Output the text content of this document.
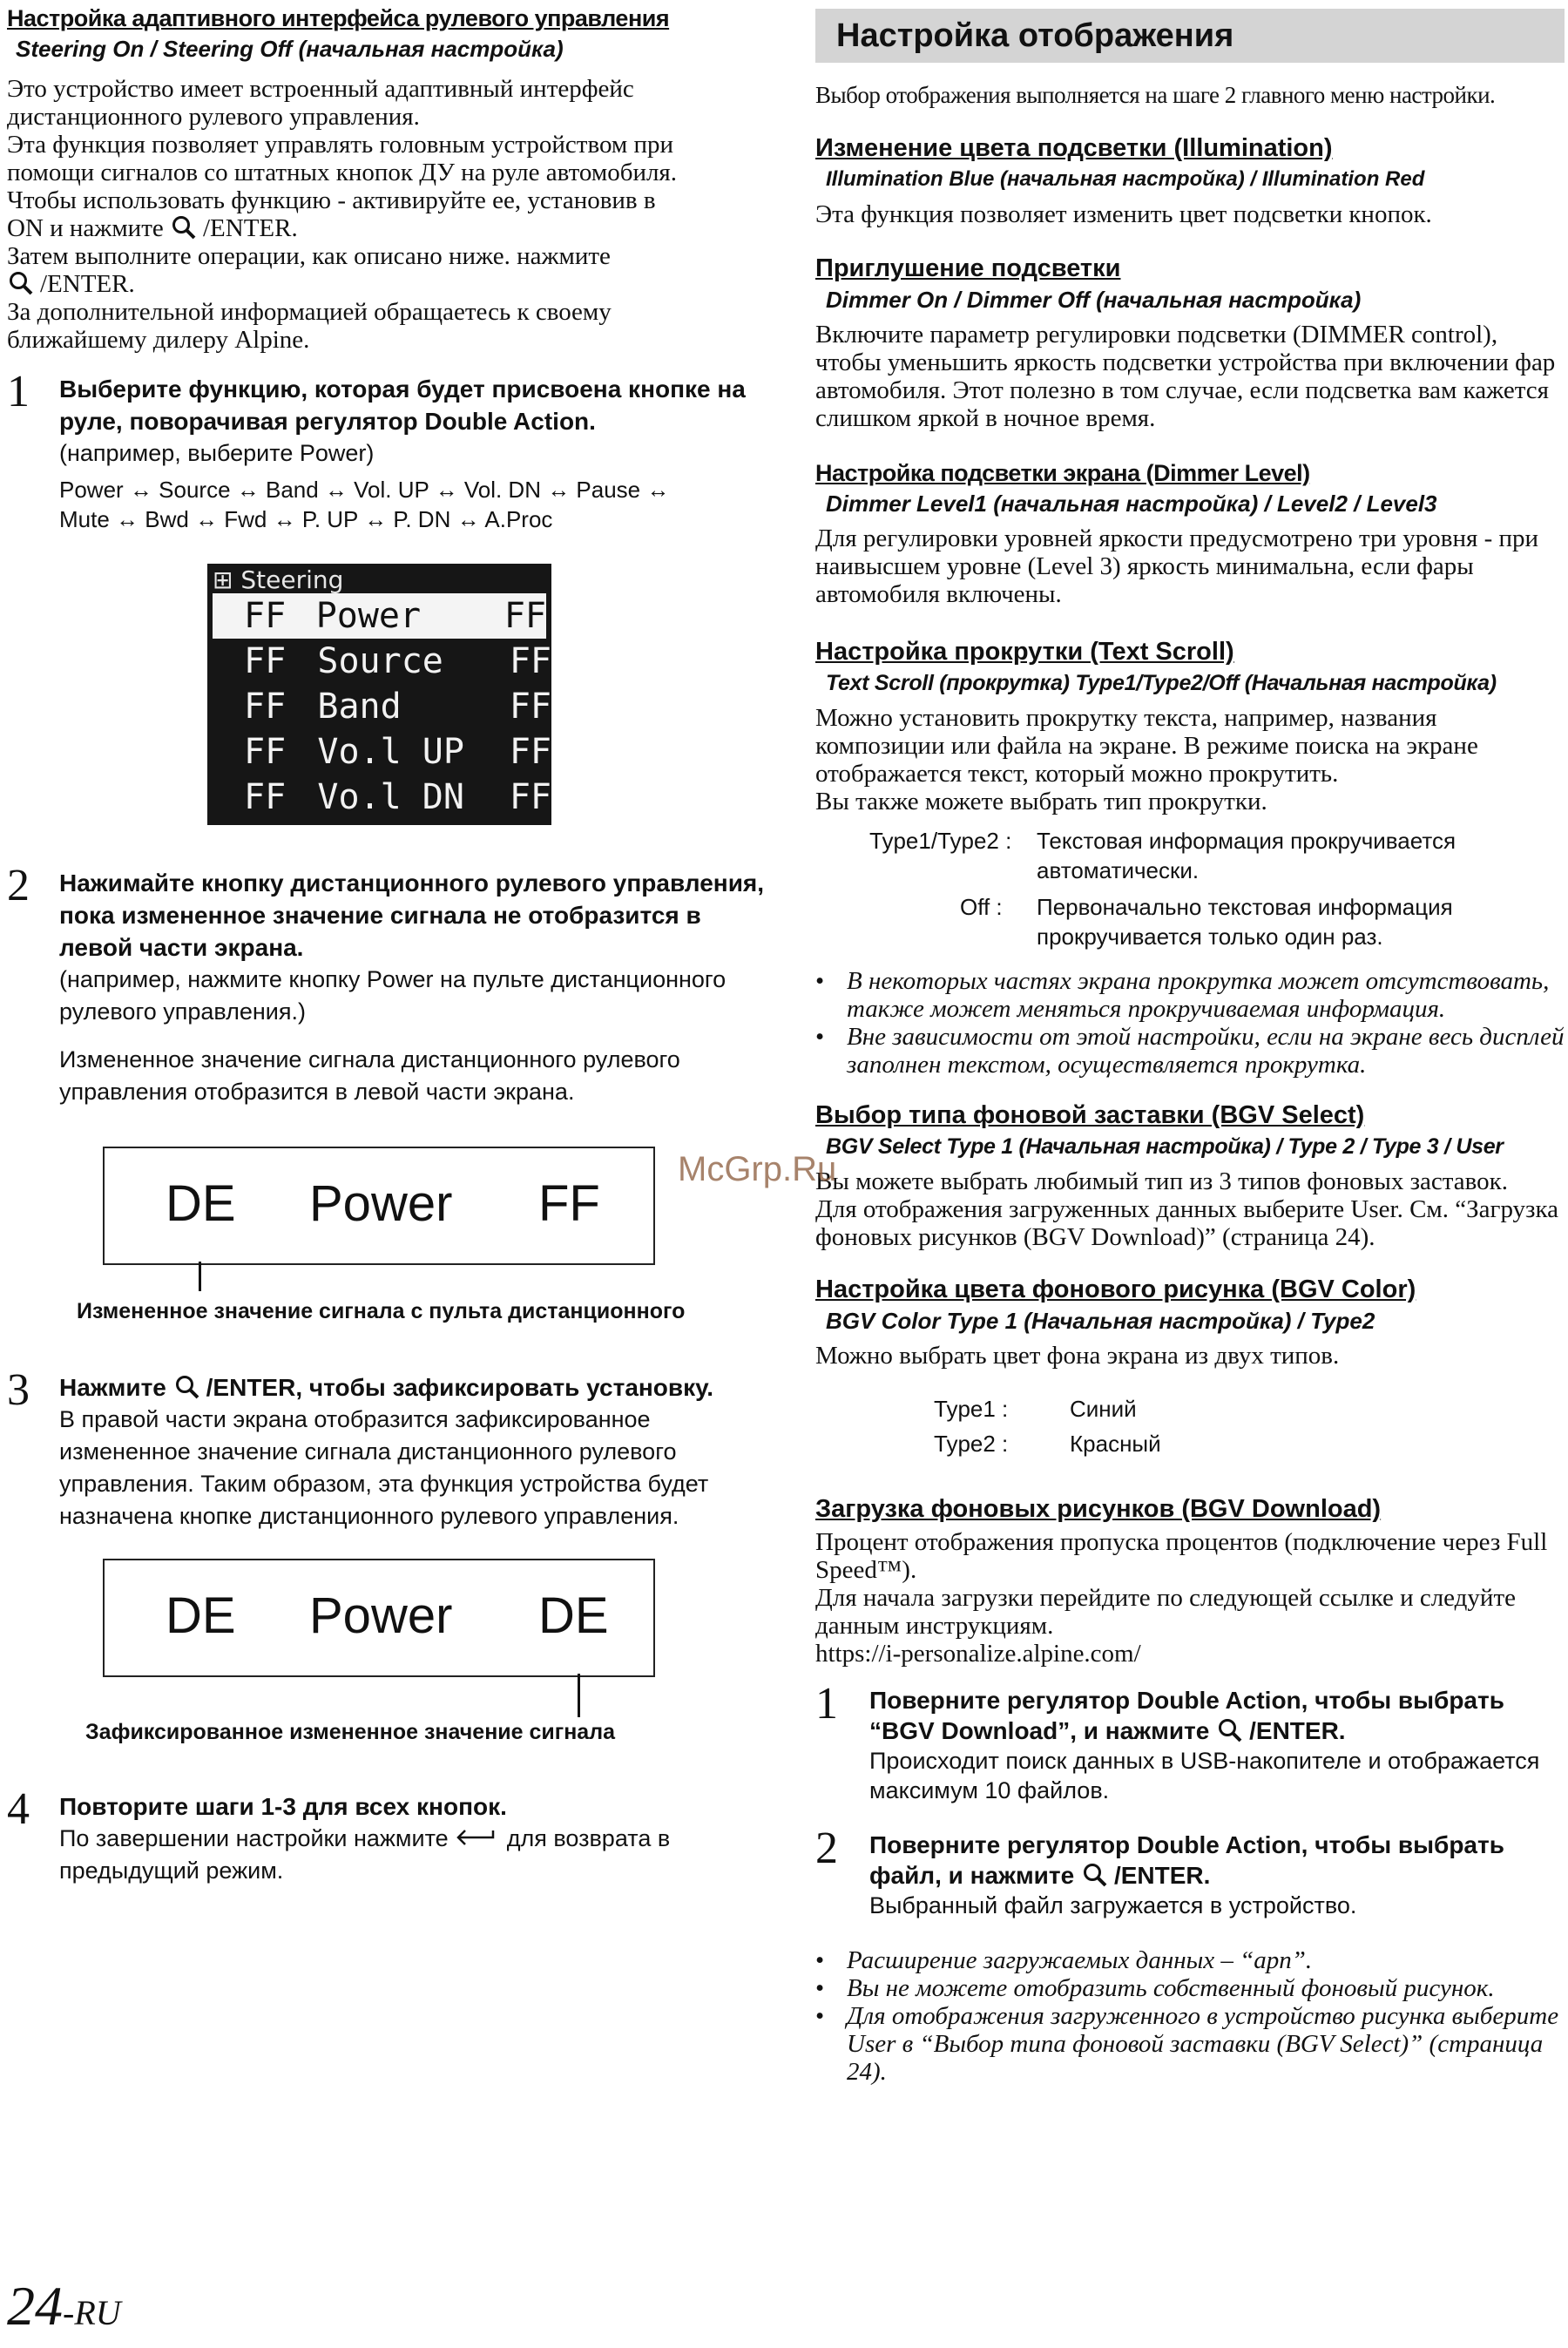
Настройка адаптивного интерфейса рулевого управления

Steering On / Steering Off (начальная настройка)

Это устройство имеет встроенный адаптивный интерфейс

дистанционного рулевого управления.

Эта функция позволяет управлять головным устройством при

помощи сигналов со штатных кнопок ДУ на руле автомобиля.

Чтобы использовать функцию - активируйте ее, установив в

ON и нажмите /ENTER.

Затем выполните операции, как описано ниже. нажмите

/ENTER.

За дополнительной информацией обращаетесь к своему

ближайшему дилеру Alpine.

1 Выберите функцию, которая будет присвоена кнопке на руле, поворачивая регулятор Double Action.

(например, выберите Power)

Power ↔ Source ↔ Band ↔ Vol. UP ↔ Vol. DN ↔ Pause ↔

Mute ↔ Bwd ↔ Fwd ↔ P. UP ↔ P. DN ↔ A.Proc

⊞ Steering
FF Power	FF
FF Source	FF
FF Band	FF
FF Vo.l UP	FF
FF Vo.l DN	FF
2 Нажимайте кнопку дистанционного рулевого управления, пока измененное значение сигнала не отобразится в левой части экрана.

(например, нажмите кнопку Power на пульте дистанционного рулевого управления.)

Измененное значение сигнала дистанционного рулевого управления отобразится в левой части экрана.

DE Power FF
Измененное значение сигнала с пульта дистанционного
3 Нажмите /ENTER, чтобы зафиксировать установку.

В правой части экрана отобразится зафиксированное измененное значение сигнала дистанционного рулевого управления. Таким образом, эта функция устройства будет назначена кнопке дистанционного рулевого управления.

DE Power DE
Зафиксированное измененное значение сигнала
4 Повторите шаги 1-3 для всех кнопок.

По завершении настройки нажмите для возврата в предыдущий режим.

24-RU
Настройка отображения

Выбор отображения выполняется на шаге 2 главного меню настройки.

Изменение цвета подсветки (Illumination)

Illumination Blue (начальная настройка) / Illumination Red

Эта функция позволяет изменить цвет подсветки кнопок.

Приглушение подсветки

Dimmer On / Dimmer Off (начальная настройка)

Включите параметр регулировки подсветки (DIMMER control), чтобы уменьшить яркость подсветки устройства при включении фар автомобиля. Этот полезно в том случае, если подсветка вам кажется слишком яркой в ночное время.

Настройка подсветки экрана (Dimmer Level)

Dimmer Level1 (начальная настройка) / Level2 / Level3

Для регулировки уровней яркости предусмотрено три уровня - при наивысшем уровне (Level 3) яркость минимальна, если фары автомобиля включены.

Настройка прокрутки (Text Scroll)

Text Scroll (прокрутка) Type1/Type2/Off (Начальная настройка)

Можно установить прокрутку текста, например, названия композиции или файла на экране. В режиме поиска на экране отображается текст, который можно прокрутить.

Вы также можете выбрать тип прокрутки.

Type1/Type2 :	Текстовая информация прокручивается автоматически.
Off :	Первоначально текстовая информация прокручивается только один раз.
• В некоторых частях экрана прокрутка может отсутствовать, также может меняться прокручиваемая информация.
• Вне зависимости от этой настройки, если на экране весь дисплей заполнен текстом, осуществляется прокрутка.
Выбор типа фоновой заставки (BGV Select)

BGV Select Type 1 (Начальная настройка) / Type 2 / Type 3 / User

Вы можете выбрать любимый тип из 3 типов фоновых заставок.

Для отображения загруженных данных выберите User. См. “Загрузка фоновых рисунков (BGV Download)” (страница 24).

Настройка цвета фонового рисунка (BGV Color)

BGV Color Type 1 (Начальная настройка) / Type2

Можно выбрать цвет фона экрана из двух типов.

Type1 :	Синий
Type2 :	Красный
Загрузка фоновых рисунков (BGV Download)

Процент отображения пропуска процентов (подключение через Full Speed™).

Для начала загрузки перейдите по следующей ссылке и следуйте данным инструкциям.

https://i-personalize.alpine.com/

1 Поверните регулятор Double Action, чтобы выбрать “BGV Download”, и нажмите /ENTER.

Происходит поиск данных в USB-накопителе и отображается максимум 10 файлов.

2 Поверните регулятор Double Action, чтобы выбрать файл, и нажмите /ENTER.

Выбранный файл загружается в устройство.

• Расширение загружаемых данных – “арп”.
• Вы не можете отобразить собственный фоновый рисунок.
• Для отображения загруженного в устройство рисунка выберите User в “Выбор типа фоновой заставки (BGV Select)” (страница 24).
McGrp.Ru
